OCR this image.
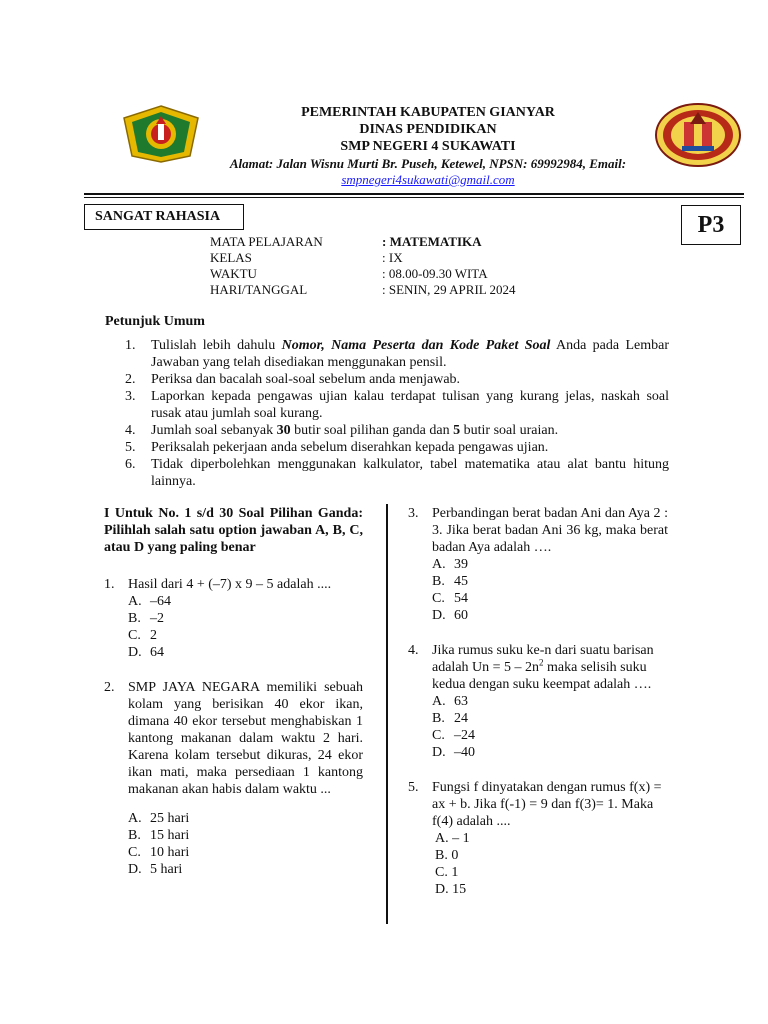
PEMERINTAH KABUPATEN GIANYAR
DINAS PENDIDIKAN
SMP NEGERI 4 SUKAWATI
Alamat: Jalan Wisnu Murti Br. Puseh, Ketewel, NPSN: 69992984, Email:
smpnegeri4sukawati@gmail.com
SANGAT RAHASIA	P3
MATA PELAJARAN	: MATEMATIKA
KELAS	: IX
WAKTU	: 08.00-09.30 WITA
HARI/TANGGAL	: SENIN, 29 APRIL 2024
Petunjuk Umum
1. Tulislah lebih dahulu Nomor, Nama Peserta dan Kode Paket Soal Anda pada Lembar Jawaban yang telah disediakan menggunakan pensil.
2. Periksa dan bacalah soal-soal sebelum anda menjawab.
3. Laporkan kepada pengawas ujian kalau terdapat tulisan yang kurang jelas, naskah soal rusak atau jumlah soal kurang.
4. Jumlah soal sebanyak 30 butir soal pilihan ganda dan 5 butir soal uraian.
5. Periksalah pekerjaan anda sebelum diserahkan kepada pengawas ujian.
6. Tidak diperbolehkan menggunakan kalkulator, tabel matematika atau alat bantu hitung lainnya.
I Untuk No. 1 s/d 30 Soal Pilihan Ganda: Pilihlah salah satu option jawaban A, B, C, atau D yang paling benar
1. Hasil dari 4 + (–7) x 9 – 5 adalah ....
A. –64
B. –2
C. 2
D. 64
2. SMP JAYA NEGARA memiliki sebuah kolam yang berisikan 40 ekor ikan, dimana 40 ekor tersebut menghabiskan 1 kantong makanan dalam waktu 2 hari. Karena kolam tersebut dikuras, 24 ekor ikan mati, maka persediaan 1 kantong makanan akan habis dalam waktu ...
A. 25 hari
B. 15 hari
C. 10 hari
D. 5 hari
3. Perbandingan berat badan Ani dan Aya 2 : 3. Jika berat badan Ani 36 kg, maka berat badan Aya adalah ….
A. 39
B. 45
C. 54
D. 60
4. Jika rumus suku ke-n dari suatu barisan adalah $Un = 5 - 2n^2$ maka selisih suku kedua dengan suku keempat adalah ….
A. 63
B. 24
C. –24
D. –40
5. Fungsi f dinyatakan dengan rumus f(x) = ax + b. Jika f(-1) = 9 dan f(3)= 1. Maka f(4) adalah ....
A. – 1
B. 0
C. 1
D. 15
